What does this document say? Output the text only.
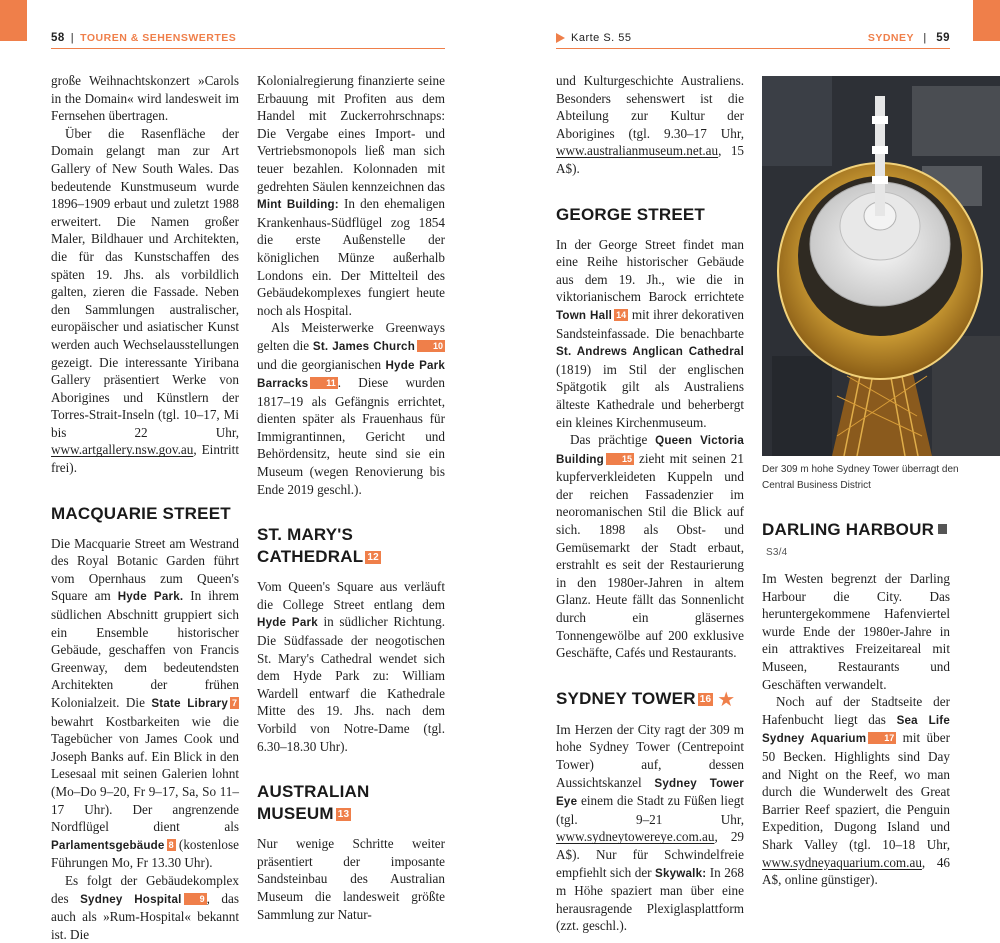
58 | TOUREN & SEHENSWERTES	Karte S. 55	SYDNEY | 59

große Weihnachtskonzert »Carols in the Domain« wird landesweit im Fernsehen übertragen.

Über die Rasenfläche der Domain gelangt man zur Art Gallery of New South Wales. Das bedeutende Kunstmuseum wurde 1896–1909 erbaut und zuletzt 1988 erweitert. Die Namen großer Maler, Bildhauer und Architekten, die für das Kunstschaffen des späten 19. Jhs. als vorbildlich galten, zieren die Fassade. Neben den Sammlungen australischer, europäischer und asiatischer Kunst werden auch Wechselausstellungen gezeigt. Die interessante Yiribana Gallery präsentiert Werke von Aborigines und Künstlern der Torres-Strait-Inseln (tgl. 10–17, Mi bis 22 Uhr, www.artgallery.nsw.gov.au, Eintritt frei).

MACQUARIE STREET

Die Macquarie Street am Westrand des Royal Botanic Garden führt vom Opernhaus zum Queen's Square am Hyde Park. In ihrem südlichen Abschnitt gruppiert sich ein Ensemble historischer Gebäude, geschaffen von Francis Greenway, dem bedeutendsten Architekten der frühen Kolonialzeit. Die State Library 7 bewahrt Kostbarkeiten wie die Tagebücher von James Cook und Joseph Banks auf. Ein Blick in den Lesesaal mit seinen Galerien lohnt (Mo–Do 9–20, Fr 9–17, Sa, So 11–17 Uhr). Der angrenzende Nordflügel dient als Parlamentsgebäude 8 (kostenlose Führungen Mo, Fr 13.30 Uhr).

Es folgt der Gebäudekomplex des Sydney Hospital 9 , das auch als »Rum-Hospital« bekannt ist. Die

Kolonialregierung finanzierte seine Erbauung mit Profiten aus dem Handel mit Zuckerrohrschnaps: Die Vergabe eines Import- und Vertriebsmonopols ließ man sich teuer bezahlen. Kolonnaden mit gedrehten Säulen kennzeichnen das Mint Building: In den ehemaligen Krankenhaus-Südflügel zog 1854 die erste Außenstelle der königlichen Münze außerhalb Londons ein. Der Mittelteil des Gebäudekomplexes fungiert heute noch als Hospital.

Als Meisterwerke Greenways gelten die St. James Church 10 und die georgianischen Hyde Park Barracks 11 . Diese wurden 1817–19 als Gefängnis errichtet, dienten später als Frauenhaus für Immigrantinnen, Gericht und Behördensitz, heute sind sie ein Museum (wegen Renovierung bis Ende 2019 geschl.).

ST. MARY'S
CATHEDRAL 12

Vom Queen's Square aus verläuft die College Street entlang dem Hyde Park in südlicher Richtung. Die Südfassade der neogotischen St. Mary's Cathedral wendet sich dem Hyde Park zu: William Wardell entwarf die Kathedrale Mitte des 19. Jhs. nach dem Vorbild von Notre-Dame (tgl. 6.30–18.30 Uhr).

AUSTRALIAN MUSEUM 13

Nur wenige Schritte weiter präsentiert der imposante Sandsteinbau des Australian Museum die landesweit größte Sammlung zur Natur-

und Kulturgeschichte Australiens. Besonders sehenswert ist die Abteilung zur Kultur der Aborigines (tgl. 9.30–17 Uhr, www.australianmuseum.net.au, 15 A$).

GEORGE STREET

In der George Street findet man eine Reihe historischer Gebäude aus dem 19. Jh., wie die in viktorianischem Barock errichtete Town Hall 14 mit ihrer dekorativen Sandsteinfassade. Die benachbarte St. Andrews Anglican Cathedral (1819) im Stil der englischen Spätgotik gilt als Australiens älteste Kathedrale und beherbergt ein kleines Kirchenmuseum.

Das prächtige Queen Victoria Building 15 zieht mit seinen 21 kupferverkleideten Kuppeln und der reichen Fassadenzier im neoromanischen Stil die Blick auf sich. 1898 als Obst- und Gemüsemarkt der Stadt erbaut, erstrahlt es seit der Restaurierung in den 1980er-Jahren in altem Glanz. Heute fällt das Sonnenlicht durch ein gläsernes Tonnengewölbe auf 200 exklusive Geschäfte, Cafés und Restaurants.

SYDNEY TOWER 16 ★

Im Herzen der City ragt der 309 m hohe Sydney Tower (Centrepoint Tower) auf, dessen Aussichtskanzel Sydney Tower Eye einem die Stadt zu Füßen liegt (tgl. 9–21 Uhr, www.sydneytowereye.com.au, 29 A$). Nur für Schwindelfreie empfiehlt sich der Skywalk: In 268 m Höhe spaziert man über eine herausragende Plexiglasplattform (zzt. geschl.).

Der 309 m hohe Sydney Tower überragt den Central Business District
DARLING HARBOURS3/4

Im Westen begrenzt der Darling Harbour die City. Das heruntergekommene Hafenviertel wurde Ende der 1980er-Jahre in ein attraktives Freizeitareal mit Museen, Restaurants und Geschäften verwandelt.

Noch auf der Stadtseite der Hafenbucht liegt das Sea Life Sydney Aquarium 17 mit über 50 Becken. Highlights sind Day and Night on the Reef, wo man durch die Wunderwelt des Great Barrier Reef spaziert, die Penguin Expedition, Dugong Island und Shark Valley (tgl. 10–18 Uhr, www.sydneyaquarium.com.au, 46 A$, online günstiger).
